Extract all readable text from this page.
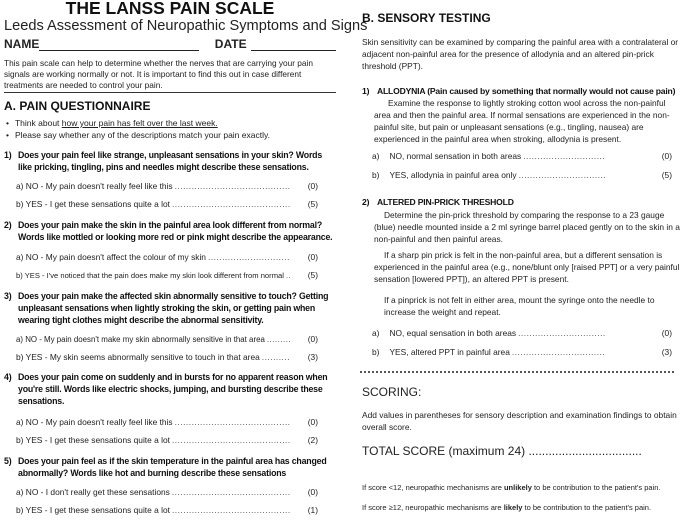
THE LANSS PAIN SCALE
Leeds Assessment of Neuropathic Symptoms and Signs
NAME	DATE
This pain scale can help to determine whether the nerves that are carrying your pain signals are working normally or not. It is important to find this out in case different treatments are needed to control your pain.
A. PAIN QUESTIONNAIRE
• Think about how your pain has felt over the last week.
• Please say whether any of the descriptions match your pain exactly.
1) Does your pain feel like strange, unpleasant sensations in your skin? Words like pricking, tingling, pins and needles might describe these sensations.
a) NO - My pain doesn't really feel like this .....	(0)
b) YES - I get these sensations quite a lot .....	(5)
2) Does your pain make the skin in the painful area look different from normal? Words like mottled or looking more red or pink might describe the appearance.
a) NO - My pain doesn't affect the colour of my skin .....	(0)
b) YES - I've noticed that the pain does make my skin look different from normal .....	(5)
3) Does your pain make the affected skin abnormally sensitive to touch? Getting unpleasant sensations when lightly stroking the skin, or getting pain when wearing tight clothes might describe the abnormal sensitivity.
a) NO - My pain doesn't make my skin abnormally sensitive in that area .....	(0)
b) YES - My skin seems abnormally sensitive to touch in that area .....	(3)
4) Does your pain come on suddenly and in bursts for no apparent reason when you're still. Words like electric shocks, jumping, and bursting describe these sensations.
a) NO - My pain doesn't really feel like this .....	(0)
b) YES - I get these sensations quite a lot .....	(2)
5) Does your pain feel as if the skin temperature in the painful area has changed abnormally? Words like hot and burning describe these sensations
a) NO - I don't really get these sensations .....	(0)
b) YES - I get these sensations quite a lot .....	(1)
B. SENSORY TESTING
Skin sensitivity can be examined by comparing the painful area with a contralateral or adjacent non-painful area for the presence of allodynia and an altered pin-prick threshold (PPT).
1) ALLODYNIA (Pain caused by something that normally would not cause pain)
Examine the response to lightly stroking cotton wool across the non-painful area and then the painful area. If normal sensations are experienced in the non-painful site, but pain or unpleasant sensations (e.g., tingling, nausea) are experienced in the painful area when stroking, allodynia is present.
a) NO, normal sensation in both areas .....	(0)
b) YES, allodynia in painful area only .....	(5)
2) ALTERED PIN-PRICK THRESHOLD
Determine the pin-prick threshold by comparing the response to a 23 gauge (blue) needle mounted inside a 2 ml syringe barrel placed gently on to the skin in a non-painful and then painful areas.
If a sharp pin prick is felt in the non-painful area, but a different sensation is experienced in the painful area (e.g., none/blunt only [raised PPT] or a very painful sensation [lowered PPT]), an altered PPT is present.
If a pinprick is not felt in either area, mount the syringe onto the needle to increase the weight and repeat.
a) NO, equal sensation in both areas .....	(0)
b) YES, altered PPT in painful area .....	(3)
SCORING:
Add values in parentheses for sensory description and examination findings to obtain overall score.
TOTAL SCORE (maximum 24) ..................................
If score <12, neuropathic mechanisms are unlikely to be contribution to the patient's pain.
If score ≥12, neuropathic mechanisms are likely to be contribution to the patient's pain.
